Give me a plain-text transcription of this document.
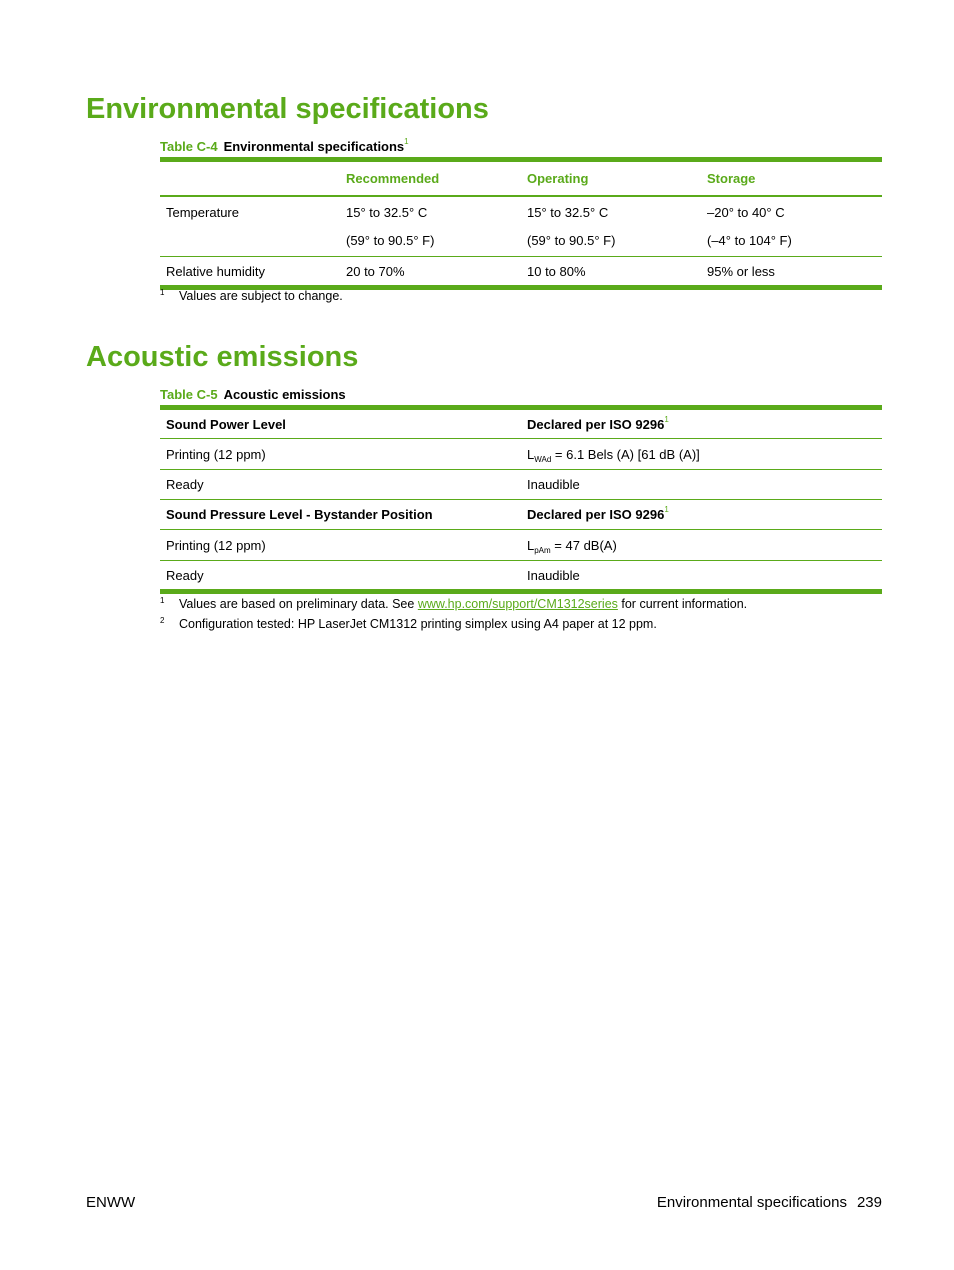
Environmental specifications
Table C-4 Environmental specifications$^1$
	Recommended	Operating	Storage
Temperature	15° to 32.5° C	15° to 32.5° C	–20° to 40° C
	(59° to 90.5° F)	(59° to 90.5° F)	(–4° to 104° F)
Relative humidity	20 to 70%	10 to 80%	95% or less
1 Values are subject to change.
Acoustic emissions
Table C-5 Acoustic emissions
Sound Power Level	Declared per ISO 9296$^1$
Printing (12 ppm)	$L_{WAd} = 6.1$ Bels (A) [61 dB (A)]
Ready	Inaudible
Sound Pressure Level - Bystander Position	Declared per ISO 9296$^1$
Printing (12 ppm)	$L_{pAm} = 47$ dB(A)
Ready	Inaudible
1 Values are based on preliminary data. See www.hp.com/support/CM1312series for current information.
2 Configuration tested: HP LaserJet CM1312 printing simplex using A4 paper at 12 ppm.
ENWW	Environmental specifications 239
